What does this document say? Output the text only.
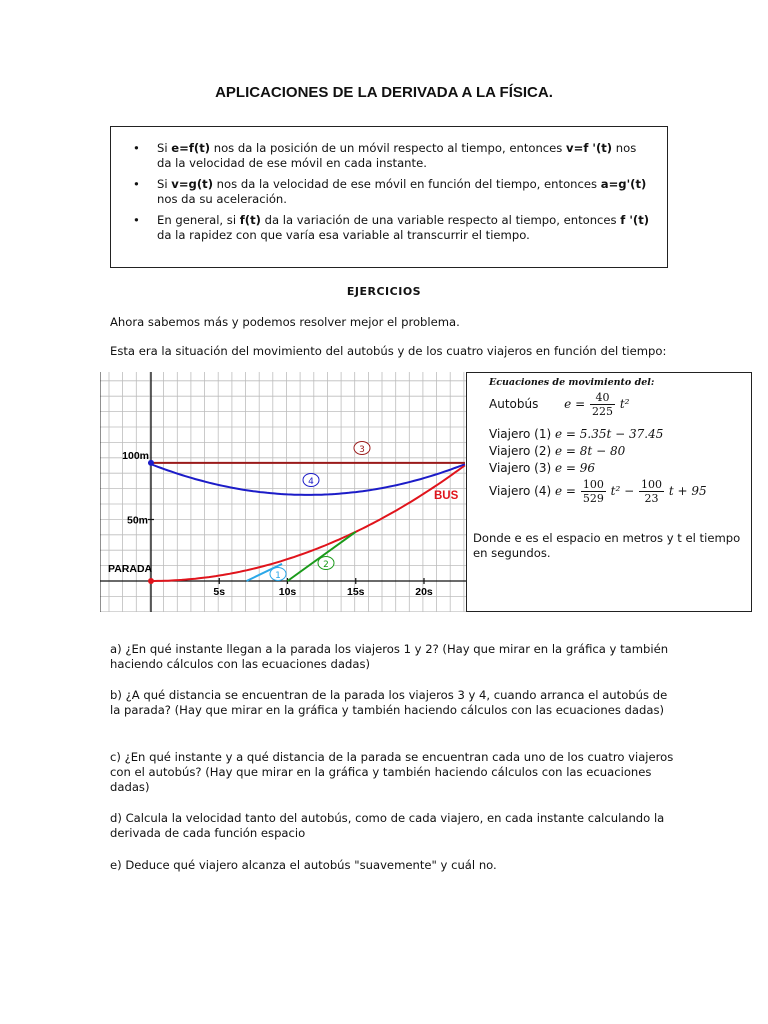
APLICACIONES DE LA DERIVADA A LA FÍSICA.
• Si e=f(t) nos da la posición de un móvil respecto al tiempo, entonces v=f '(t) nos da la velocidad de ese móvil en cada instante.
• Si v=g(t) nos da la velocidad de ese móvil en función del tiempo, entonces a=g'(t) nos da su aceleración.
• En general, si f(t) da la variación de una variable respecto al tiempo, entonces f '(t) da la rapidez con que varía esa variable al transcurrir el tiempo.
EJERCICIOS
Ahora sabemos más y podemos resolver mejor el problema.
Esta era la situación del movimiento del autobús y de los cuatro viajeros en función del tiempo:
100m
50m
PARADA
5s	10s	15s	20s
BUS
1
2
3
4
Ecuaciones de movimiento del:
Autobús $e = \frac{40}{225} t^2$
Viajero (1) e = 5.35t − 37.45
Viajero (2) e = 8t − 80
Viajero (3) e = 96
Viajero (4) $e = \frac{100}{529} t^2 - \frac{100}{23}$ t + 95
Donde e es el espacio en metros y t el tiempo en segundos.
a) ¿En qué instante llegan a la parada los viajeros 1 y 2? (Hay que mirar en la gráfica y también haciendo cálculos con las ecuaciones dadas)
b) ¿A qué distancia se encuentran de la parada los viajeros 3 y 4, cuando arranca el autobús de la parada? (Hay que mirar en la gráfica y también haciendo cálculos con las ecuaciones dadas)
c) ¿En qué instante y a qué distancia de la parada se encuentran cada uno de los cuatro viajeros con el autobús? (Hay que mirar en la gráfica y también haciendo cálculos con las ecuaciones dadas)
d) Calcula la velocidad tanto del autobús, como de cada viajero, en cada instante calculando la derivada de cada función espacio
e) Deduce qué viajero alcanza el autobús "suavemente" y cuál no.
